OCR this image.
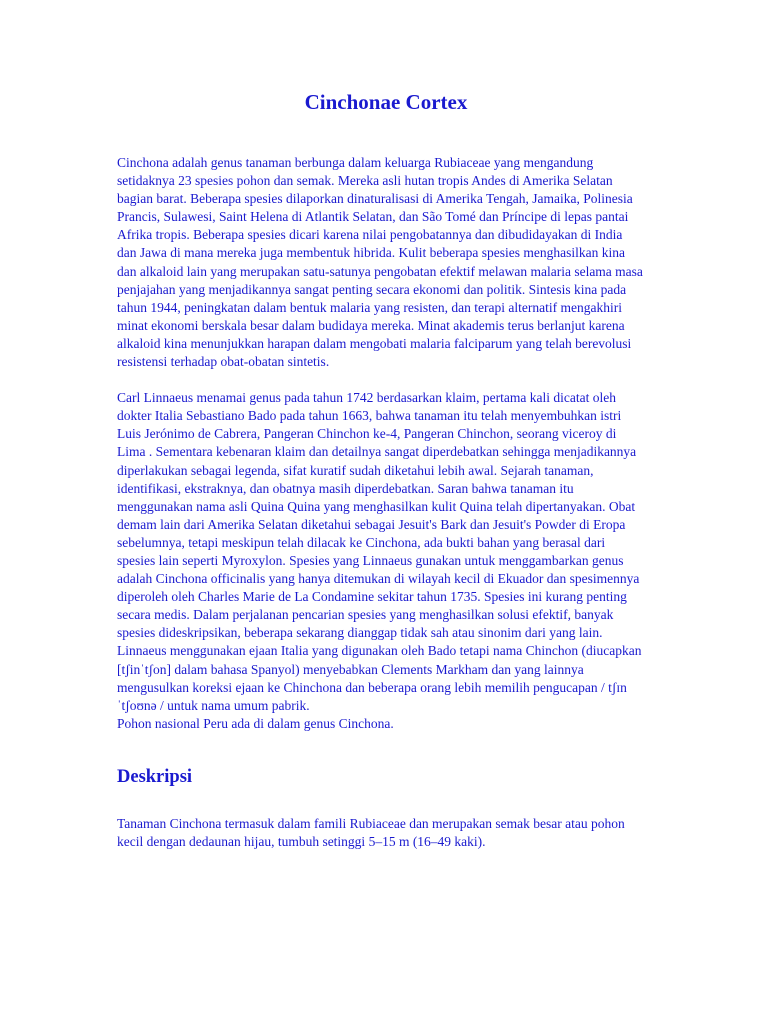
Cinchonae Cortex

Cinchona adalah genus tanaman berbunga dalam keluarga Rubiaceae yang mengandung setidaknya 23 spesies pohon dan semak. Mereka asli hutan tropis Andes di Amerika Selatan bagian barat. Beberapa spesies dilaporkan dinaturalisasi di Amerika Tengah, Jamaika, Polinesia Prancis, Sulawesi, Saint Helena di Atlantik Selatan, dan São Tomé dan Príncipe di lepas pantai Afrika tropis. Beberapa spesies dicari karena nilai pengobatannya dan dibudidayakan di India dan Jawa di mana mereka juga membentuk hibrida. Kulit beberapa spesies menghasilkan kina dan alkaloid lain yang merupakan satu-satunya pengobatan efektif melawan malaria selama masa penjajahan yang menjadikannya sangat penting secara ekonomi dan politik. Sintesis kina pada tahun 1944, peningkatan dalam bentuk malaria yang resisten, dan terapi alternatif mengakhiri minat ekonomi berskala besar dalam budidaya mereka. Minat akademis terus berlanjut karena alkaloid kina menunjukkan harapan dalam mengobati malaria falciparum yang telah berevolusi resistensi terhadap obat-obatan sintetis.

Carl Linnaeus menamai genus pada tahun 1742 berdasarkan klaim, pertama kali dicatat oleh dokter Italia Sebastiano Bado pada tahun 1663, bahwa tanaman itu telah menyembuhkan istri Luis Jerónimo de Cabrera, Pangeran Chinchon ke-4, Pangeran Chinchon, seorang viceroy di Lima . Sementara kebenaran klaim dan detailnya sangat diperdebatkan sehingga menjadikannya diperlakukan sebagai legenda, sifat kuratif sudah diketahui lebih awal. Sejarah tanaman, identifikasi, ekstraknya, dan obatnya masih diperdebatkan. Saran bahwa tanaman itu menggunakan nama asli Quina Quina yang menghasilkan kulit Quina telah dipertanyakan. Obat demam lain dari Amerika Selatan diketahui sebagai Jesuit's Bark dan Jesuit's Powder di Eropa sebelumnya, tetapi meskipun telah dilacak ke Cinchona, ada bukti bahan yang berasal dari spesies lain seperti Myroxylon. Spesies yang Linnaeus gunakan untuk menggambarkan genus adalah Cinchona officinalis yang hanya ditemukan di wilayah kecil di Ekuador dan spesimennya diperoleh oleh Charles Marie de La Condamine sekitar tahun 1735. Spesies ini kurang penting secara medis. Dalam perjalanan pencarian spesies yang menghasilkan solusi efektif, banyak spesies dideskripsikan, beberapa sekarang dianggap tidak sah atau sinonim dari yang lain. Linnaeus menggunakan ejaan Italia yang digunakan oleh Bado tetapi nama Chinchon (diucapkan [tʃinˈtʃon] dalam bahasa Spanyol) menyebabkan Clements Markham dan yang lainnya mengusulkan koreksi ejaan ke Chinchona dan beberapa orang lebih memilih pengucapan / tʃɪnˈtʃoʊnə / untuk nama umum pabrik.

Pohon nasional Peru ada di dalam genus Cinchona.

Deskripsi

Tanaman Cinchona termasuk dalam famili Rubiaceae dan merupakan semak besar atau pohon kecil dengan dedaunan hijau, tumbuh setinggi 5–15 m (16–49 kaki).
